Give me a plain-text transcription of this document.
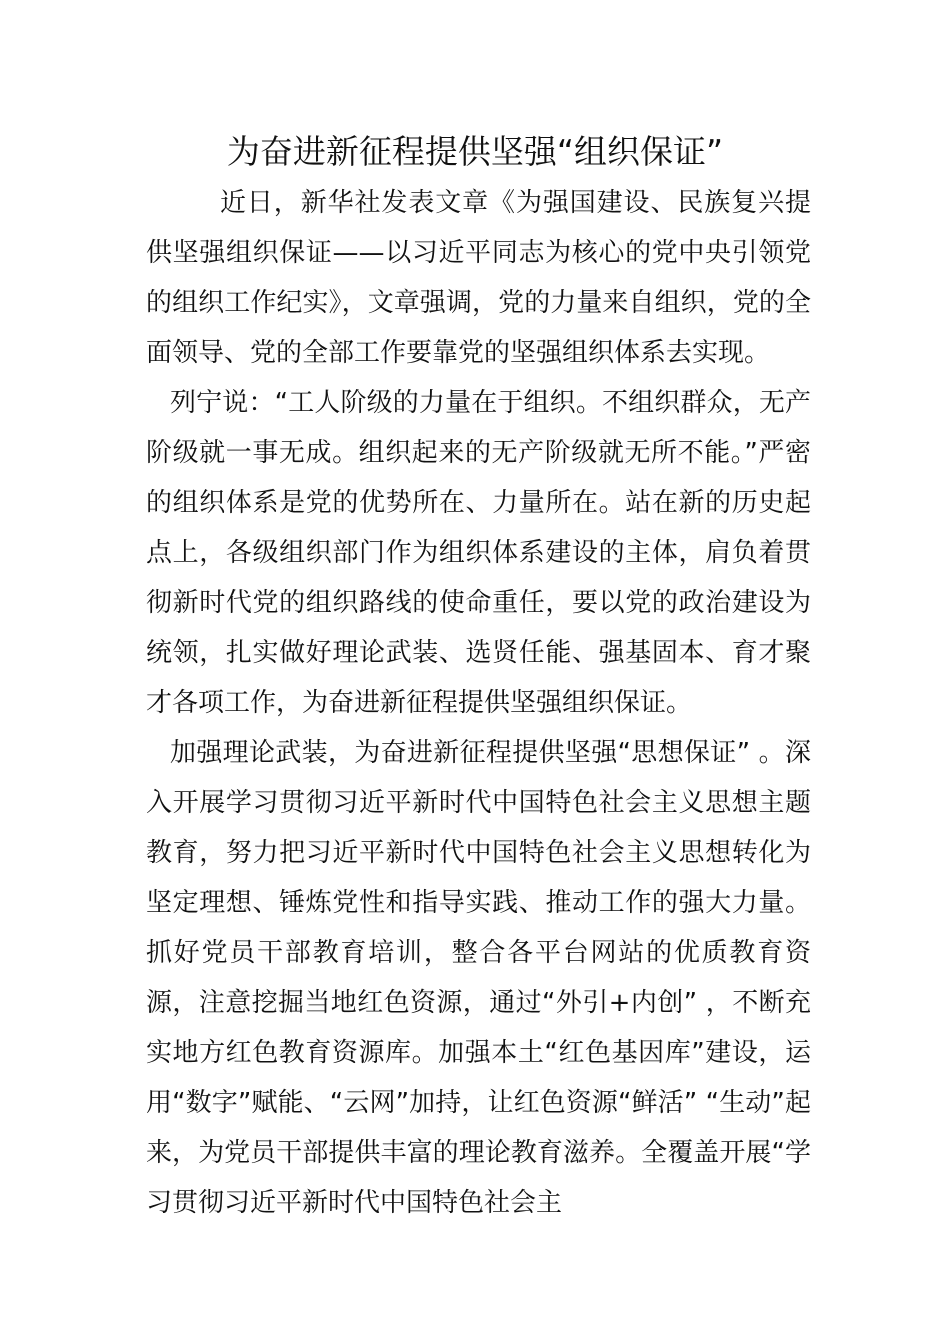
为奋进新征程提供坚强“组织保证”

近日，新华社发表文章《为强国建设、民族复兴提供坚强组织保证——以习近平同志为核心的党中央引领党的组织工作纪实》，文章强调，党的力量来自组织，党的全面领导、党的全部工作要靠党的坚强组织体系去实现。

列宁说：“工人阶级的力量在于组织。不组织群众，无产阶级就一事无成。组织起来的无产阶级就无所不能。”严密的组织体系是党的优势所在、力量所在。站在新的历史起点上，各级组织部门作为组织体系建设的主体，肩负着贯彻新时代党的组织路线的使命重任，要以党的政治建设为统领，扎实做好理论武装、选贤任能、强基固本、育才聚才各项工作，为奋进新征程提供坚强组织保证。

加强理论武装，为奋进新征程提供坚强“思想保证” 。深入开展学习贯彻习近平新时代中国特色社会主义思想主题教育，努力把习近平新时代中国特色社会主义思想转化为坚定理想、锤炼党性和指导实践、推动工作的强大力量。抓好党员干部教育培训，整合各平台网站的优质教育资源，注意挖掘当地红色资源，通过“外引+内创” ，不断充实地方红色教育资源库。加强本土“红色基因库”建设，运用“数字”赋能、“云网”加持，让红色资源“鲜活” “生动”起来，为党员干部提供丰富的理论教育滋养。全覆盖开展“学习贯彻习近平新时代中国特色社会主
